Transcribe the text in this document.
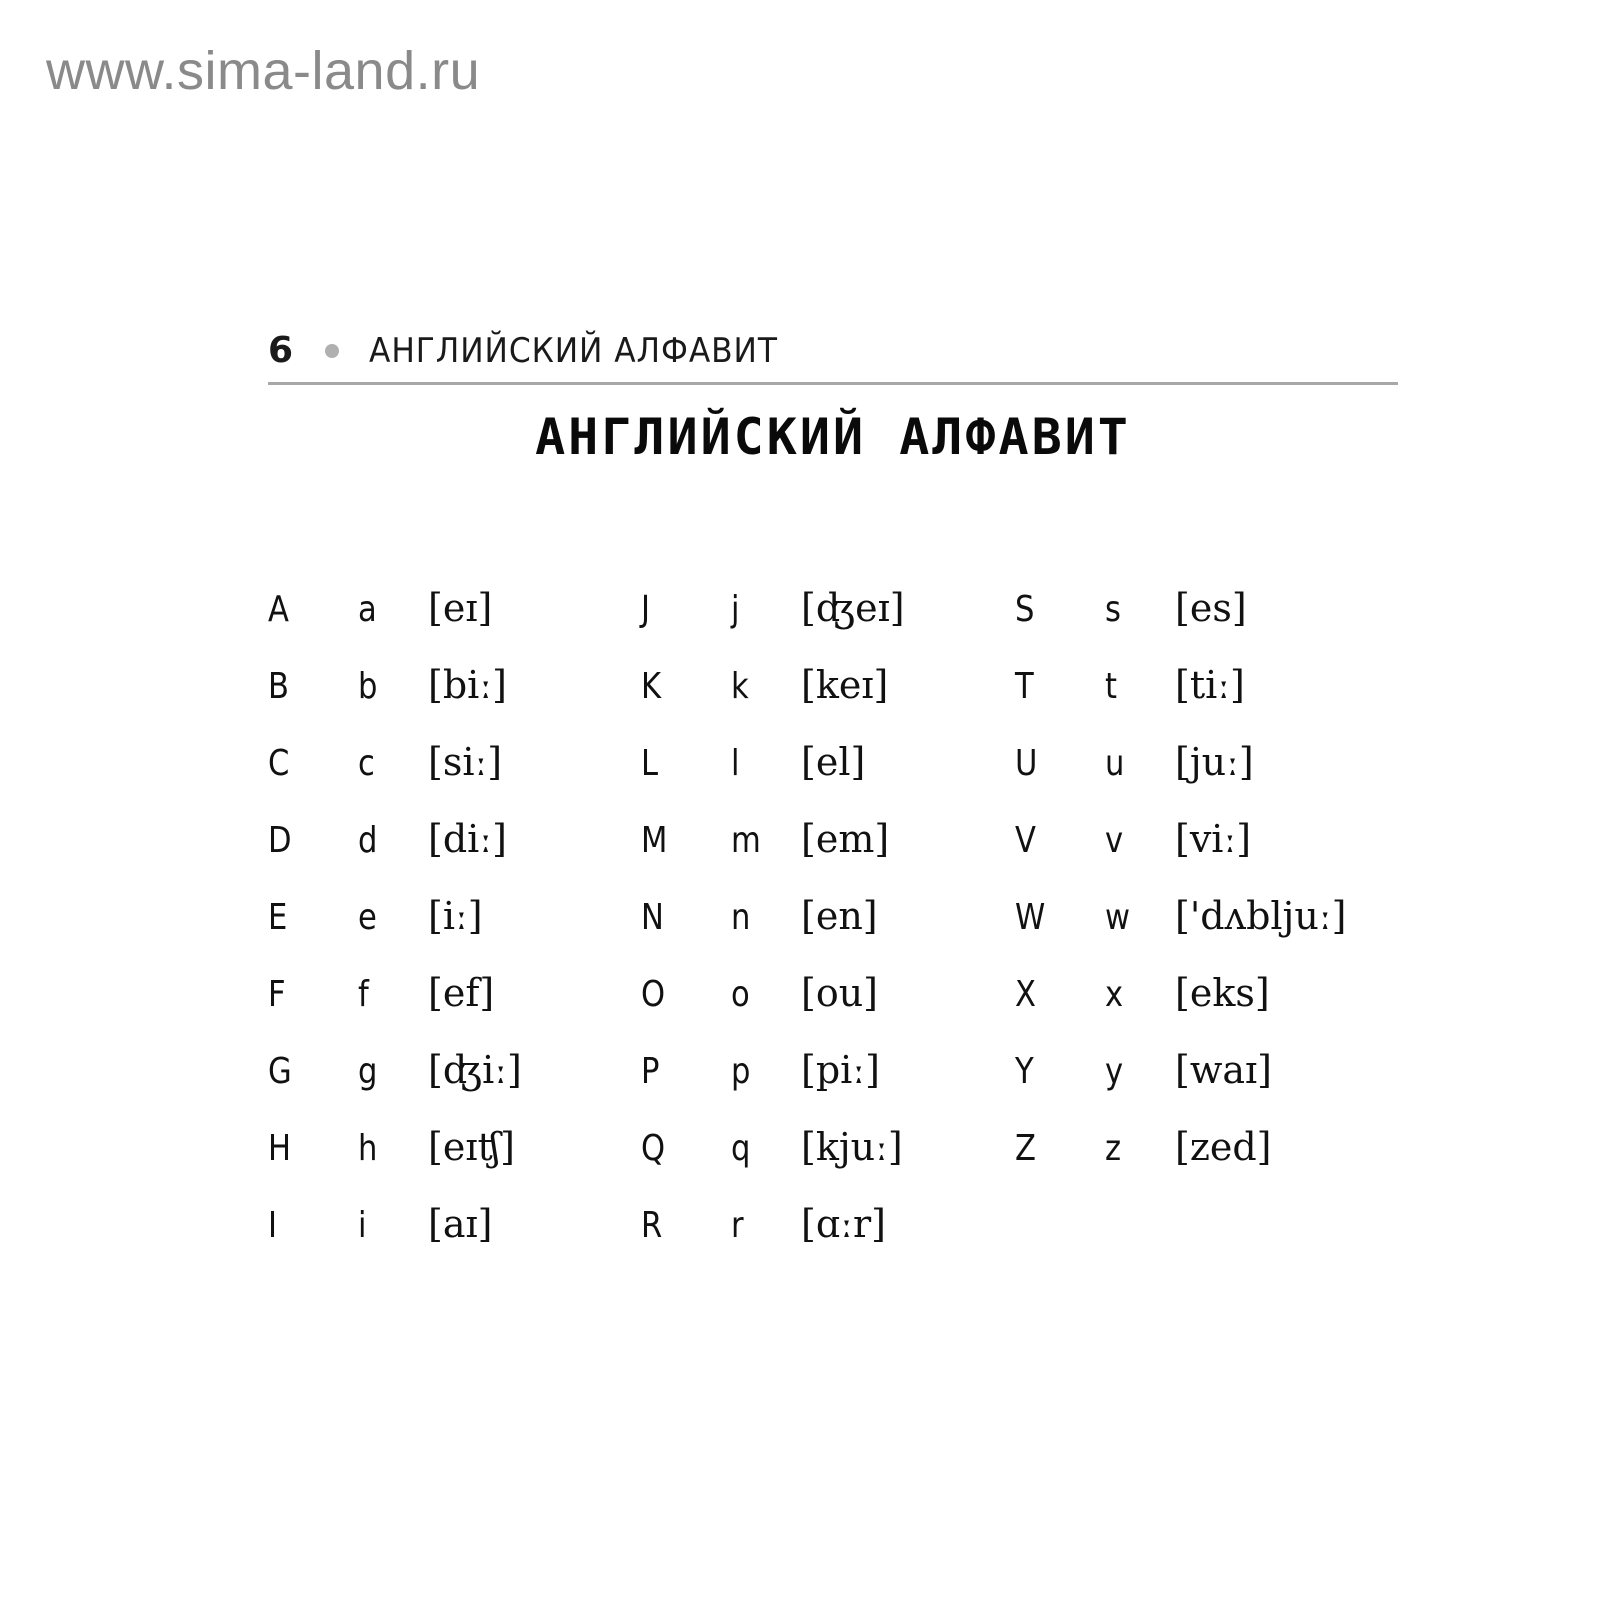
www.sima-land.ru
6 АНГЛИЙСКИЙ АЛФАВИТ
АНГЛИЙСКИЙ АЛФАВИТ
A a [eɪ]
B b [biː]
C c [siː]
D d [diː]
E e [iː]
F f [ef]
G g [ʤiː]
H h [eɪʧ]
I i [aɪ]
J j [ʤeɪ]
K k [keɪ]
L l [el]
M m [em]
N n [en]
O o [ou]
P p [piː]
Q q [kjuː]
R r [ɑːr]
S s [es]
T t [tiː]
U u [juː]
V v [viː]
W w ['dʌbljuː]
X x [eks]
Y y [waɪ]
Z z [zed]
